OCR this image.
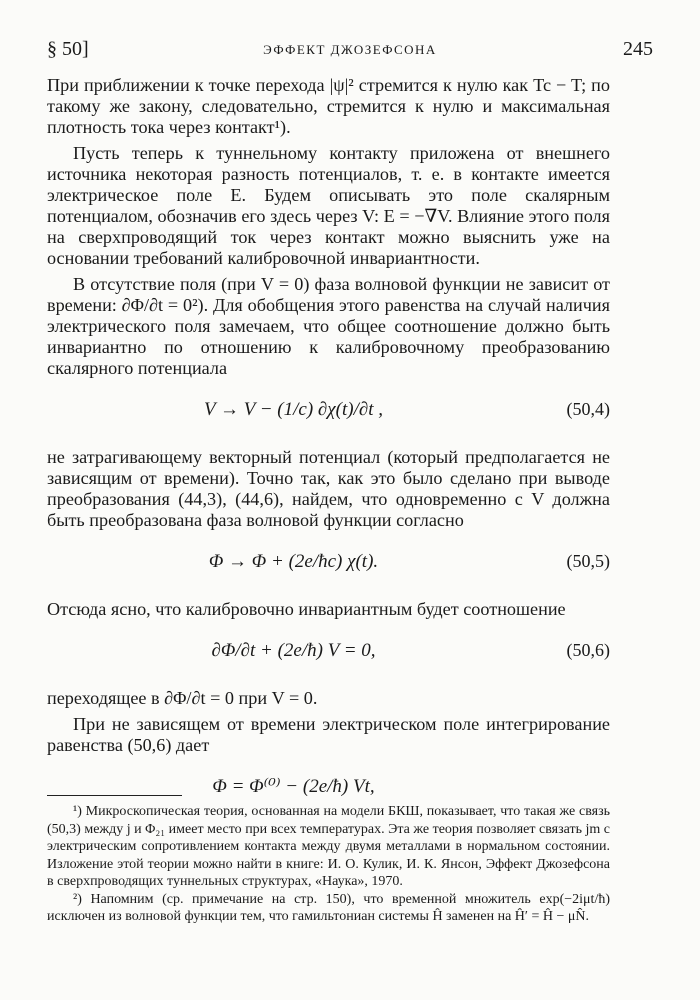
§ 50]	ЭФФЕКТ ДЖОЗЕФСОНА	245

При приближении к точке перехода |ψ|² стремится к нулю как Tc − T; по такому же закону, следовательно, стремится к нулю и максимальная плотность тока через контакт¹).

Пусть теперь к туннельному контакту приложена от внешнего источника некоторая разность потенциалов, т. е. в контакте имеется электрическое поле E. Будем описывать это поле скалярным потенциалом, обозначив его здесь через V: E = −∇V. Влияние этого поля на сверхпроводящий ток через контакт можно выяснить уже на основании требований калибровочной инвариантности.

В отсутствие поля (при V = 0) фаза волновой функции не зависит от времени: ∂Φ/∂t = 0²). Для обобщения этого равенства на случай наличия электрического поля замечаем, что общее соотношение должно быть инвариантно по отношению к калибровочному преобразованию скалярного потенциала

V → V − (1/c) ∂χ(t)/∂t ,	(50,4)

не затрагивающему векторный потенциал (который предполагается не зависящим от времени). Точно так, как это было сделано при выводе преобразования (44,3), (44,6), найдем, что одновременно с V должна быть преобразована фаза волновой функции согласно

Φ → Φ + (2e/ħc) χ(t).	(50,5)

Отсюда ясно, что калибровочно инвариантным будет соотношение

∂Φ/∂t + (2e/ħ) V = 0,	(50,6)

переходящее в ∂Φ/∂t = 0 при V = 0.

При не зависящем от времени электрическом поле интегрирование равенства (50,6) дает

Φ = Φ⁽⁰⁾ − (2e/ħ) Vt,

¹) Микроскопическая теория, основанная на модели БКШ, показывает, что такая же связь (50,3) между j и Φ₂₁ имеет место при всех температурах. Эта же теория позволяет связать jm с электрическим сопротивлением контакта между двумя металлами в нормальном состоянии. Изложение этой теории можно найти в книге: И. О. Кулик, И. К. Янсон, Эффект Джозефсона в сверхпроводящих туннельных структурах, «Наука», 1970.

²) Напомним (ср. примечание на стр. 150), что временной множитель exp(−2iμt/ħ) исключен из волновой функции тем, что гамильтониан системы Ĥ заменен на Ĥ′ = Ĥ − μN̂.
